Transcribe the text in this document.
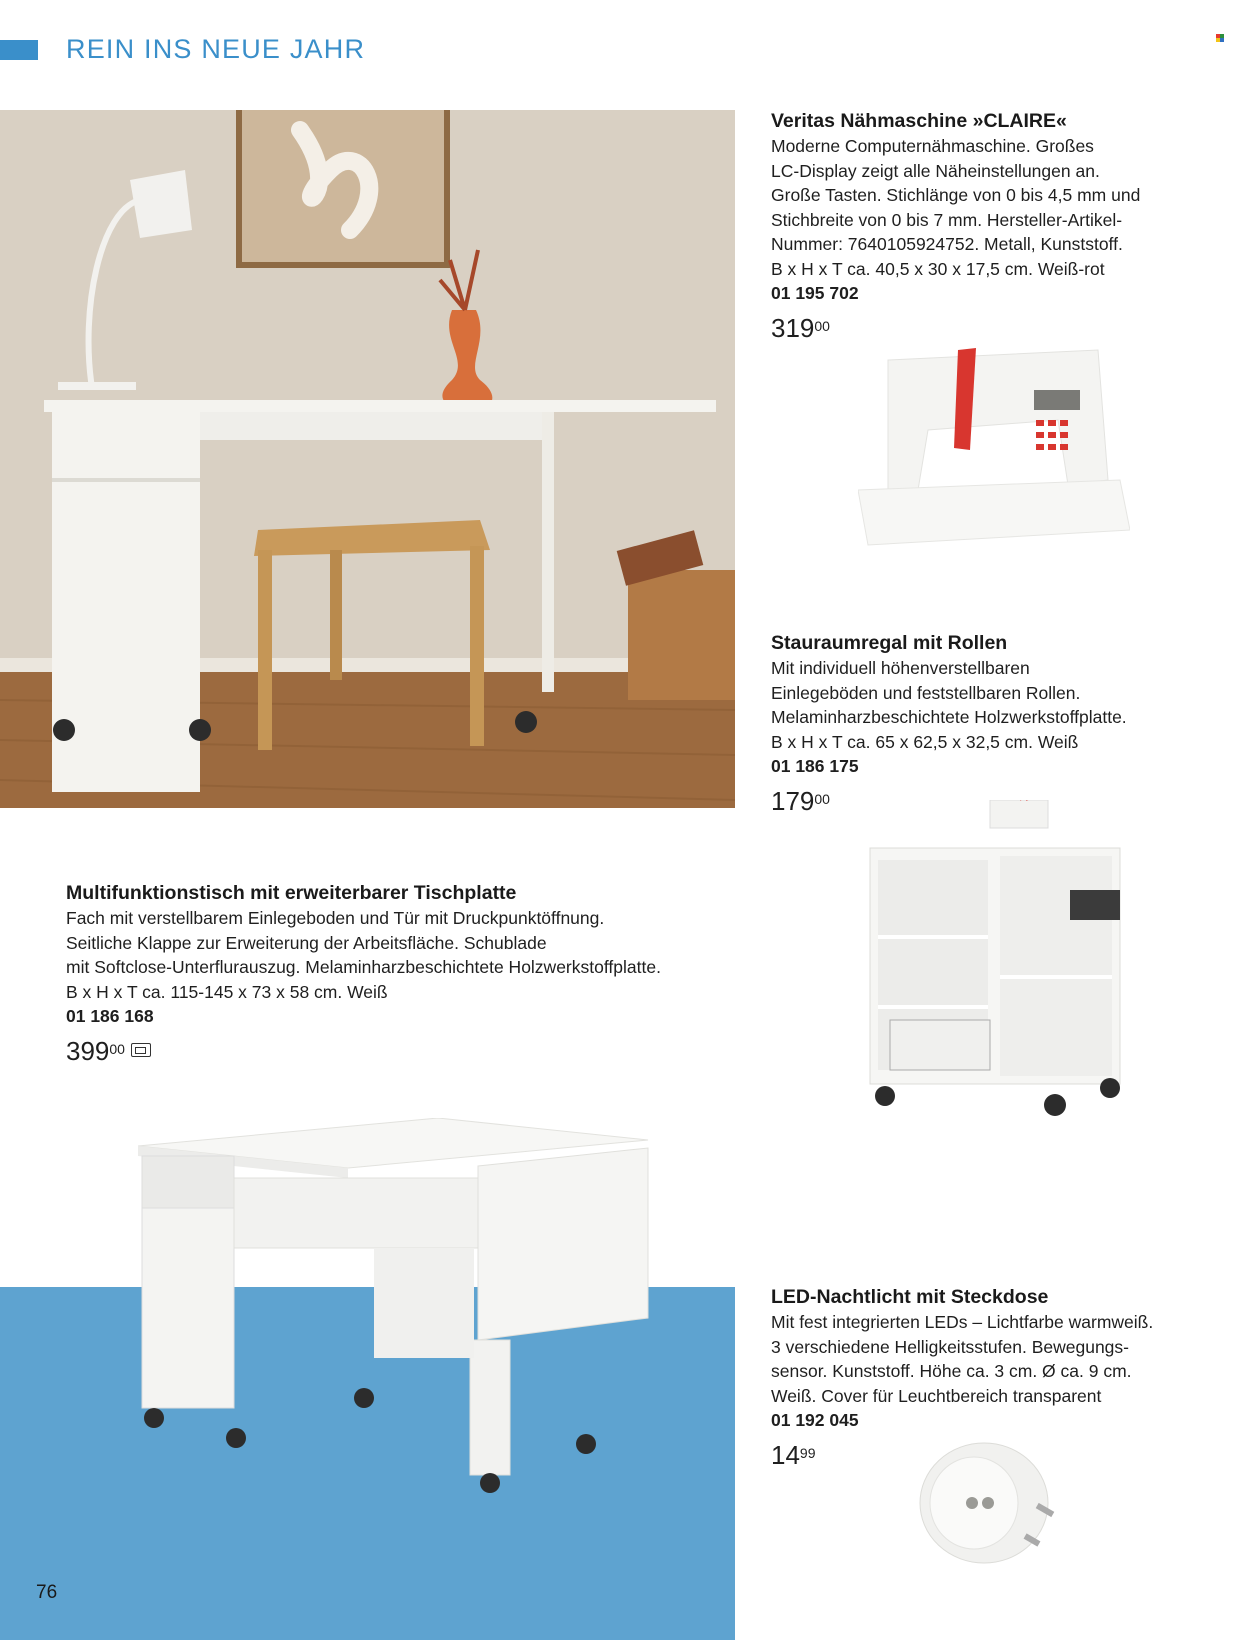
REIN INS NEUE JAHR
Veritas Nähmaschine »CLAIRE«
Moderne Computernähmaschine. Großes
LC-Display zeigt alle Näheinstellungen an.
Große Tasten. Stichlänge von 0 bis 4,5 mm und
Stichbreite von 0 bis 7 mm. Hersteller-Artikel-
Nummer: 7640105924752. Metall, Kunststoff.
B x H x T ca. 40,5 x 30 x 17,5 cm. Weiß-rot
01 195 702
$319^{00}$
Stauraumregal mit Rollen
Mit individuell höhenverstellbaren
Einlegeböden und feststellbaren Rollen.
Melaminharzbeschichtete Holzwerkstoffplatte.
B x H x T ca. 65 x 62,5 x 32,5 cm. Weiß
01 186 175
$179^{00}$
Multifunktionstisch mit erweiterbarer Tischplatte
Fach mit verstellbarem Einlegeboden und Tür mit Druckpunktöffnung.
Seitliche Klappe zur Erweiterung der Arbeitsfläche. Schublade
mit Softclose-Unterflurauszug. Melaminharzbeschichtete Holzwerkstoffplatte.
B x H x T ca. 115-145 x 73 x 58 cm. Weiß
01 186 168
$399^{00}$
LED-Nachtlicht mit Steckdose
Mit fest integrierten LEDs – Lichtfarbe warmweiß.
3 verschiedene Helligkeitsstufen. Bewegungs-
sensor. Kunststoff. Höhe ca. 3 cm. Ø ca. 9 cm.
Weiß. Cover für Leuchtbereich transparent
01 192 045
$14^{99}$
76
